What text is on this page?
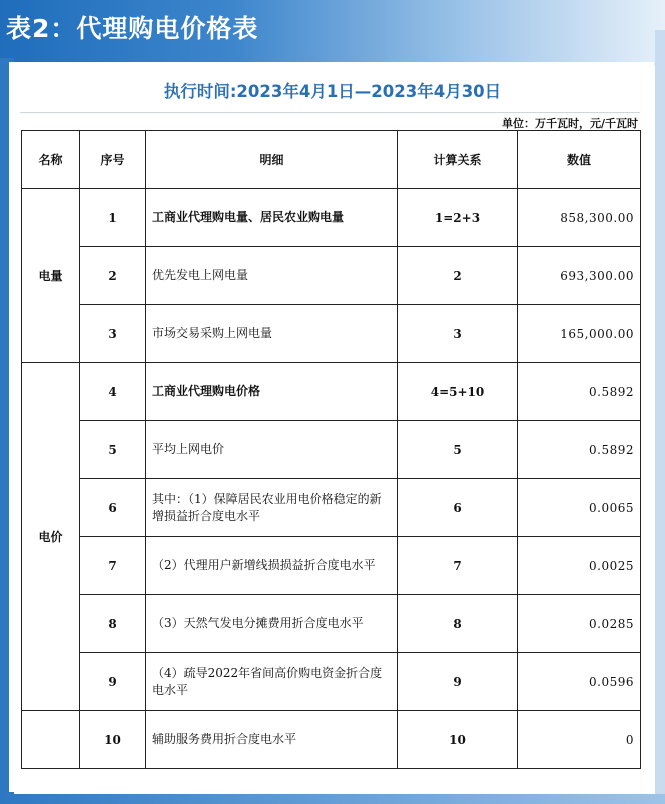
表2：代理购电价格表
执行时间:2023年4月1日—2023年4月30日
单位：万千瓦时，元/千瓦时
名称	序号	明细	计算关系	数值
电量	1	工商业代理购电量、居民农业购电量	1=2+3	858,300.00
	2	优先发电上网电量	2	693,300.00
	3	市场交易采购上网电量	3	165,000.00
电价	4	工商业代理购电价格	4=5+10	0.5892
	5	平均上网电价	5	0.5892
	6	其中：（1）保障居民农业用电价格稳定的新增损益折合度电水平	6	0.0065
	7	（2）代理用户新增线损损益折合度电水平	7	0.0025
	8	（3）天然气发电分摊费用折合度电水平	8	0.0285
	9	（4）疏导2022年省间高价购电资金折合度电水平	9	0.0596
	10	辅助服务费用折合度电水平	10	0
